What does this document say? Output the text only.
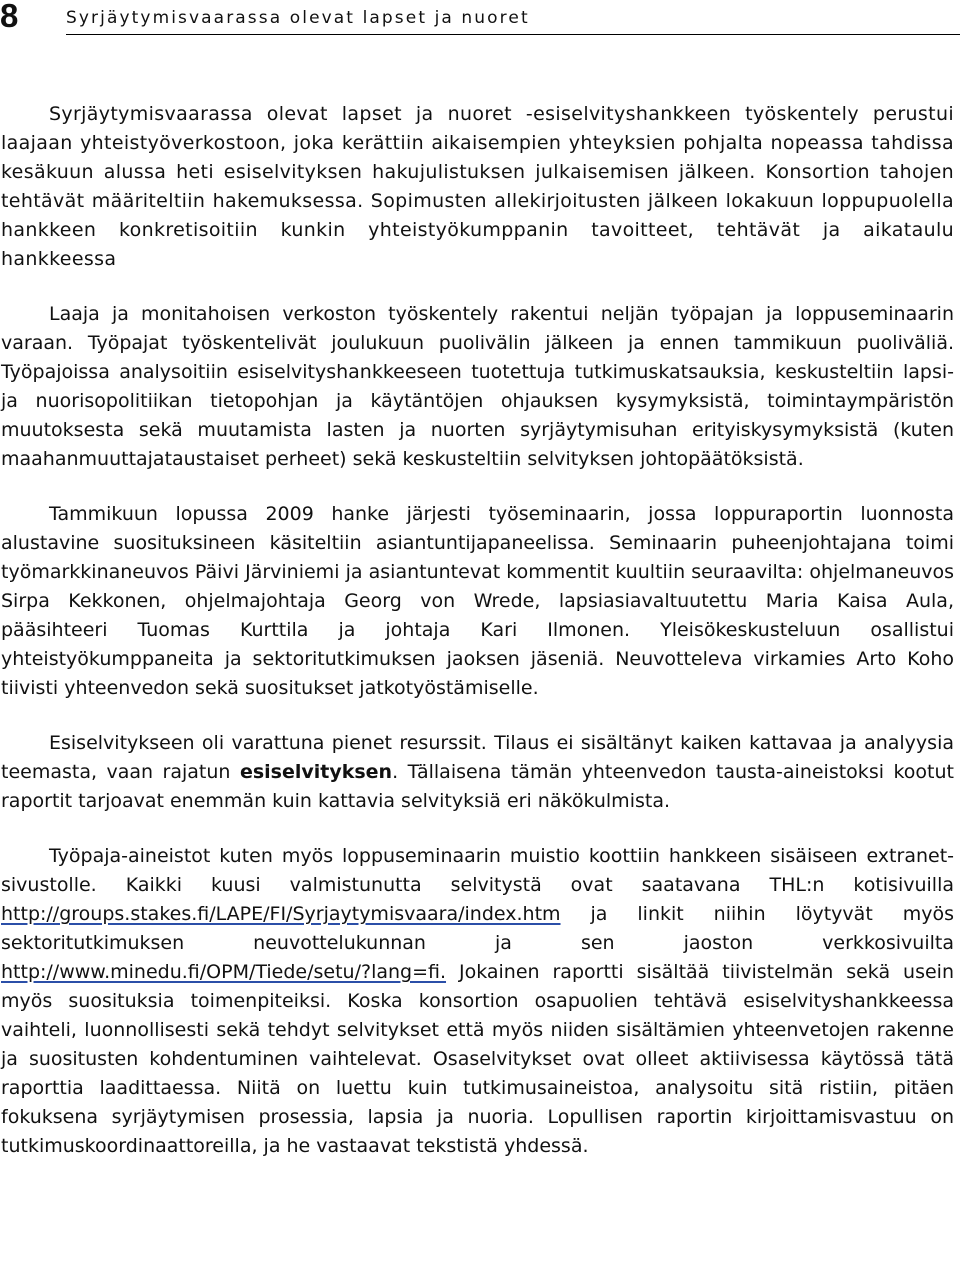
8	Syrjäytymisvaarassa olevat lapset ja nuoret

Syrjäytymisvaarassa olevat lapset ja nuoret -esiselvityshankkeen työskentely perustui laajaan yhteistyöverkostoon, joka kerättiin aikaisempien yhteyksien pohjalta nopeassa tahdissa kesäkuun alussa heti esiselvityksen hakujulistuksen julkaisemisen jälkeen. Konsortion tahojen tehtävät määriteltiin hakemuksessa. Sopimusten allekirjoitusten jälkeen lokakuun loppupuolella hankkeen konkretisoitiin kunkin yhteistyökumppanin tavoitteet, tehtävät ja aikataulu hankkeessa

Laaja ja monitahoisen verkoston työskentely rakentui neljän työpajan ja loppuseminaarin varaan. Työpajat työskentelivät joulukuun puolivälin jälkeen ja ennen tammikuun puoliväliä. Työpajoissa analysoitiin esiselvityshankkeeseen tuotettuja tutkimuskatsauksia, keskusteltiin lapsi- ja nuorisopolitiikan tietopohjan ja käytäntöjen ohjauksen kysymyksistä, toimintaympäristön muutoksesta sekä muutamista lasten ja nuorten syrjäytymisuhan erityiskysymyksistä (kuten maahanmuuttajataustaiset perheet) sekä keskusteltiin selvityksen johtopäätöksistä.

Tammikuun lopussa 2009 hanke järjesti työseminaarin, jossa loppuraportin luonnosta alustavine suosituksineen käsiteltiin asiantuntijapaneelissa. Seminaarin puheenjohtajana toimi työmarkkinaneuvos Päivi Järviniemi ja asiantuntevat kommentit kuultiin seuraavilta: ohjelmaneuvos Sirpa Kekkonen, ohjelmajohtaja Georg von Wrede, lapsiasiavaltuutettu Maria Kaisa Aula, pääsihteeri Tuomas Kurttila ja johtaja Kari Ilmonen. Yleisökeskusteluun osallistui yhteistyökumppaneita ja sektoritutkimuksen jaoksen jäseniä. Neuvotteleva virkamies Arto Koho tiivisti yhteenvedon sekä suositukset jatkotyöstämiselle.

Esiselvitykseen oli varattuna pienet resurssit. Tilaus ei sisältänyt kaiken kattavaa ja analyysia teemasta, vaan rajatun esiselvityksen. Tällaisena tämän yhteenvedon tausta-aineistoksi kootut raportit tarjoavat enemmän kuin kattavia selvityksiä eri näkökulmista.

Työpaja-aineistot kuten myös loppuseminaarin muistio koottiin hankkeen sisäiseen extranet-sivustolle. Kaikki kuusi valmistunutta selvitystä ovat saatavana THL:n kotisivuilla http://groups.stakes.fi/LAPE/FI/Syrjaytymisvaara/index.htm ja linkit niihin löytyvät myös sektoritutkimuksen neuvottelukunnan ja sen jaoston verkkosivuilta http://www.minedu.fi/OPM/Tiede/setu/?lang=fi. Jokainen raportti sisältää tiivistelmän sekä usein myös suosituksia toimenpiteiksi. Koska konsortion osapuolien tehtävä esiselvityshankkeessa vaihteli, luonnollisesti sekä tehdyt selvitykset että myös niiden sisältämien yhteenvetojen rakenne ja suositusten kohdentuminen vaihtelevat. Osaselvitykset ovat olleet aktiivisessa käytössä tätä raporttia laadittaessa. Niitä on luettu kuin tutkimusaineistoa, analysoitu sitä ristiin, pitäen fokuksena syrjäytymisen prosessia, lapsia ja nuoria. Lopullisen raportin kirjoittamisvastuu on tutkimuskoordinaattoreilla, ja he vastaavat tekstistä yhdessä.
